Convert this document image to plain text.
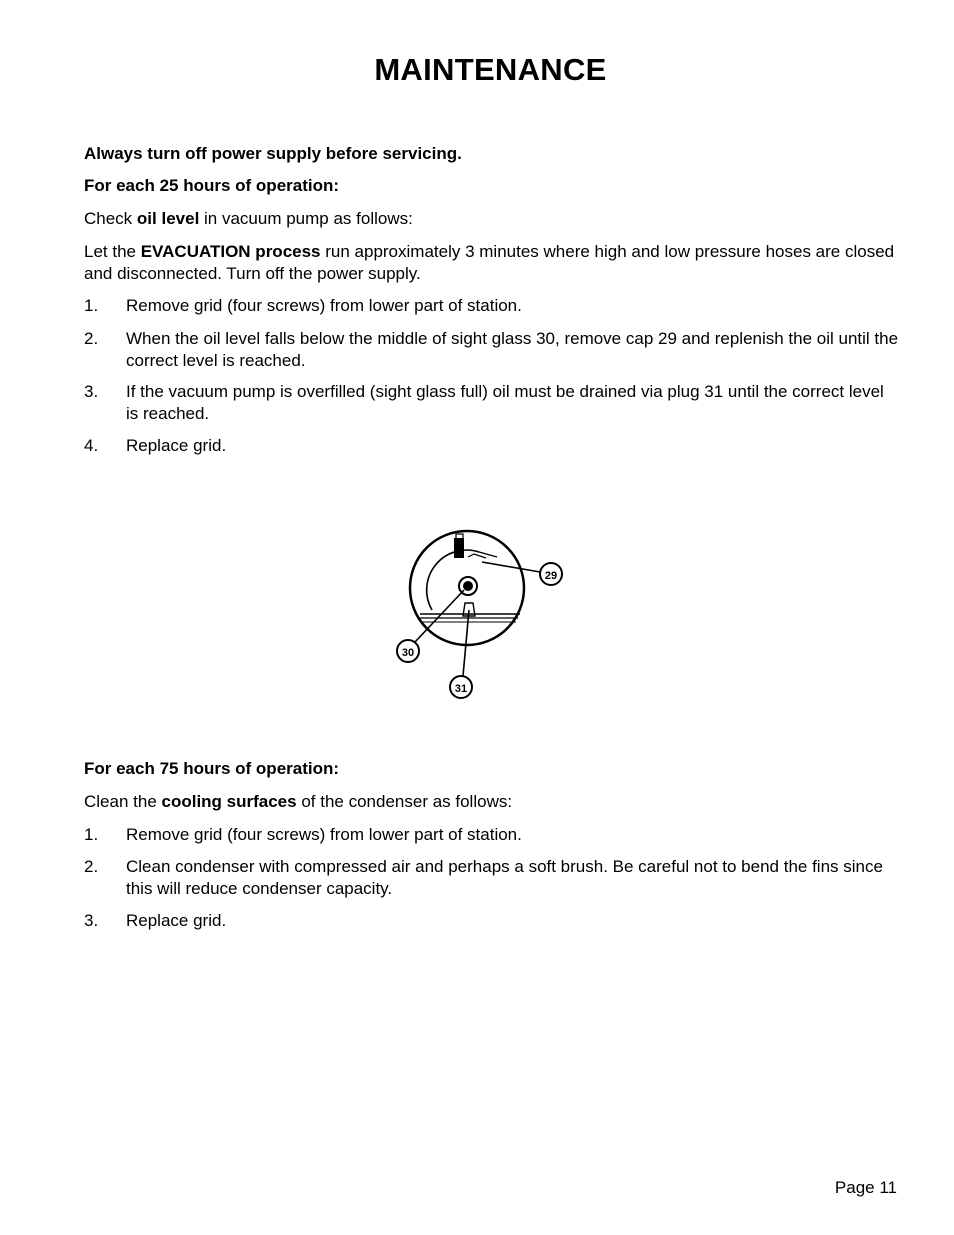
MAINTENANCE
Always turn off power supply before servicing.
For each 25 hours of operation:
Check oil level in vacuum pump as follows:
Let the EVACUATION process run approximately 3 minutes where high and low pressure hoses are closed and disconnected. Turn off the power supply.
1. Remove grid (four screws) from lower part of station.
2. When the oil level falls below the middle of sight glass 30, remove cap 29 and replenish the oil until the correct level is reached.
3. If the vacuum pump is overfilled (sight glass full) oil must be drained via plug 31 until the correct level is reached.
4. Replace grid.
29
30
31
For each 75 hours of operation:
Clean the cooling surfaces of the condenser as follows:
1. Remove grid (four screws) from lower part of station.
2. Clean condenser with compressed air and perhaps a soft brush. Be careful not to bend the fins since this will reduce condenser capacity.
3. Replace grid.
Page 11
